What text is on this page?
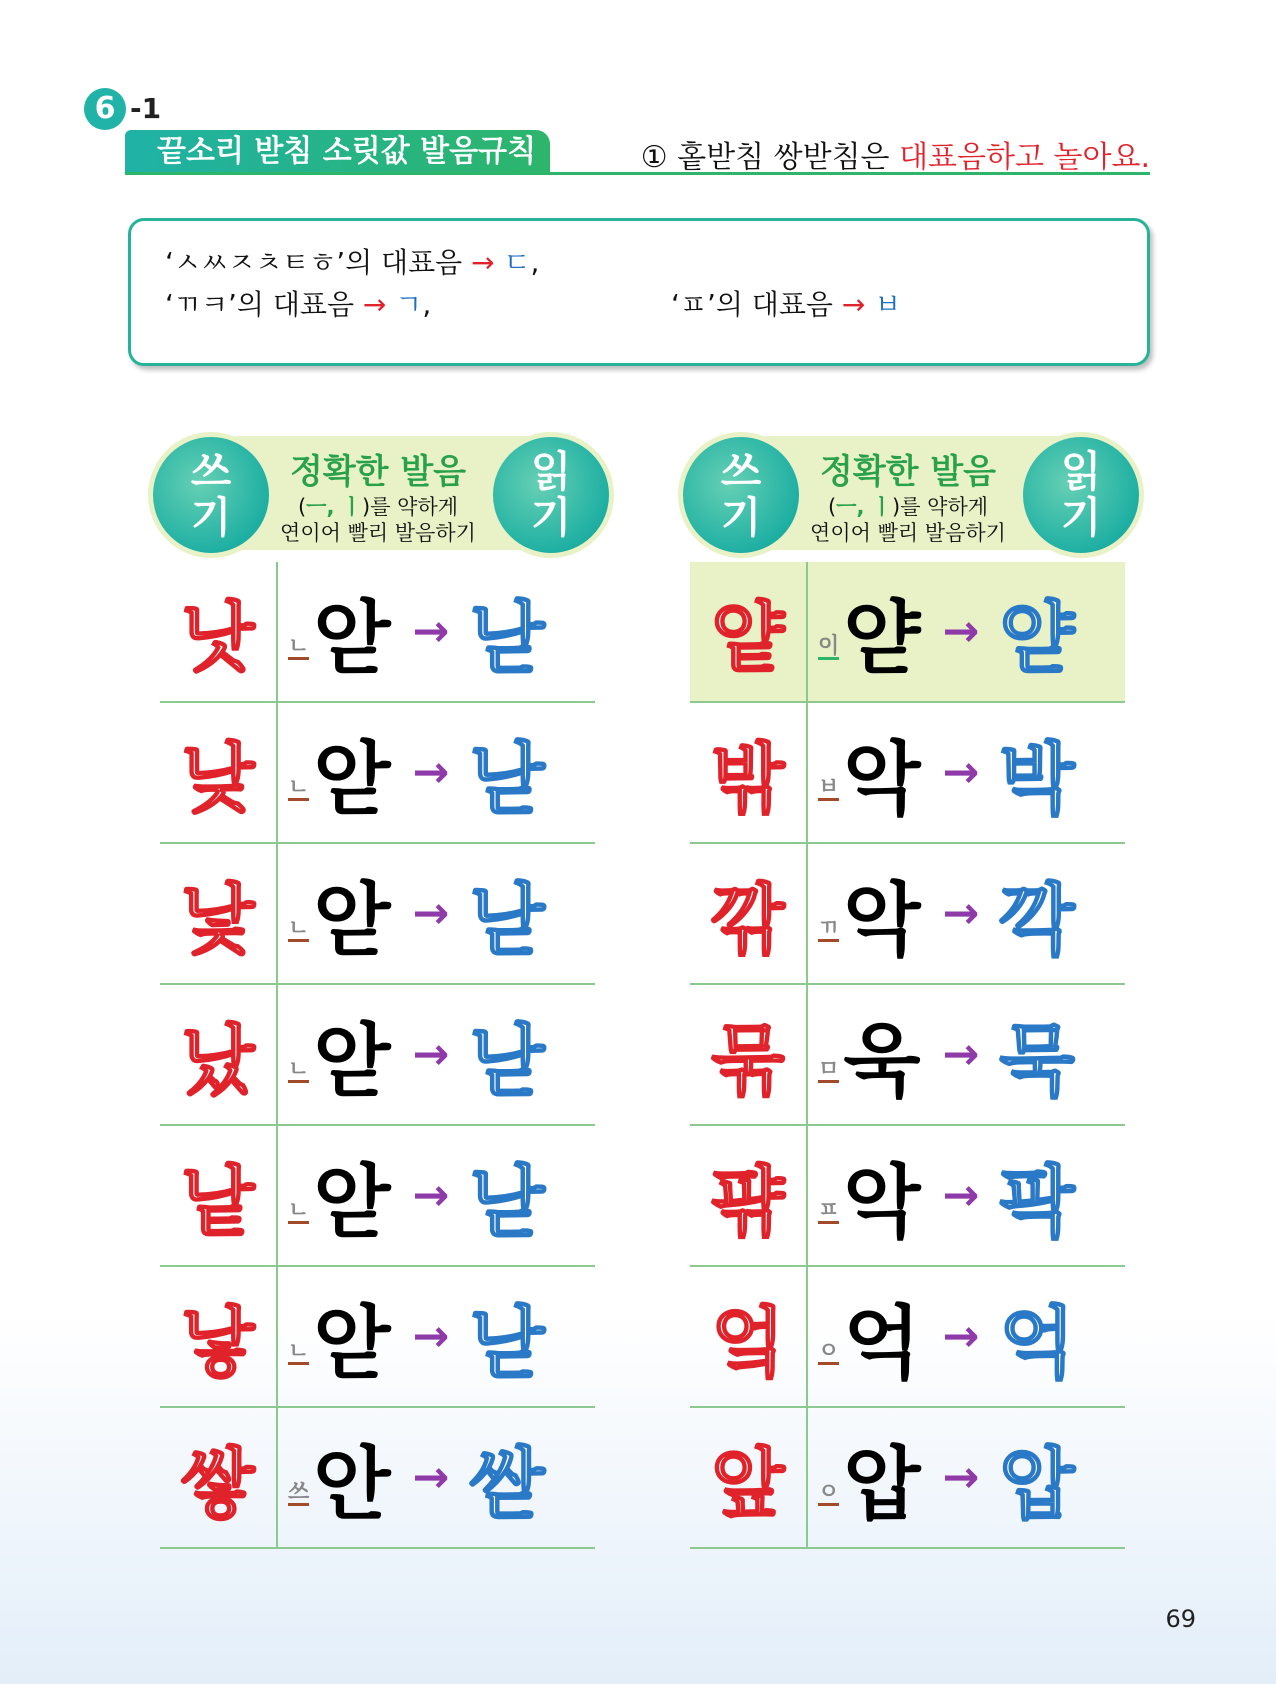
6 -1
끝소리 받침 소릿값 발음규칙	① 홑받침 쌍받침은 대표음하고 놀아요.
‘ㅅㅆㅈㅊㅌㅎ’의 대표음 → ㄷ,
‘ㄲㅋ’의 대표음 → ㄱ,	‘ㅍ’의 대표음 → ㅂ
쓰
기
정확한 발음
(ㅡ, ㅣ)를 약하게
연이어 빨리 발음하기
읽
기
낫	ㄴ 앋 → 낟
낮	ㄴ 앋 → 낟
낯	ㄴ 앋 → 낟
났	ㄴ 앋 → 낟
낱	ㄴ 앋 → 낟
낳	ㄴ 앋 → 낟
쌓	쓰 안 → 싿
쓰
기
정확한 발음
(ㅡ, ㅣ)를 약하게
연이어 빨리 발음하기
읽
기
얕	이 얃 → 얃
밖	ㅂ 악 → 박
깎	ㄲ 악 → 깍
묶	ㅁ 욱 → 묵
퍆	ㅍ 악 → 팍
엌	ㅇ 억 → 억
앞	ㅇ 압 → 압
69
